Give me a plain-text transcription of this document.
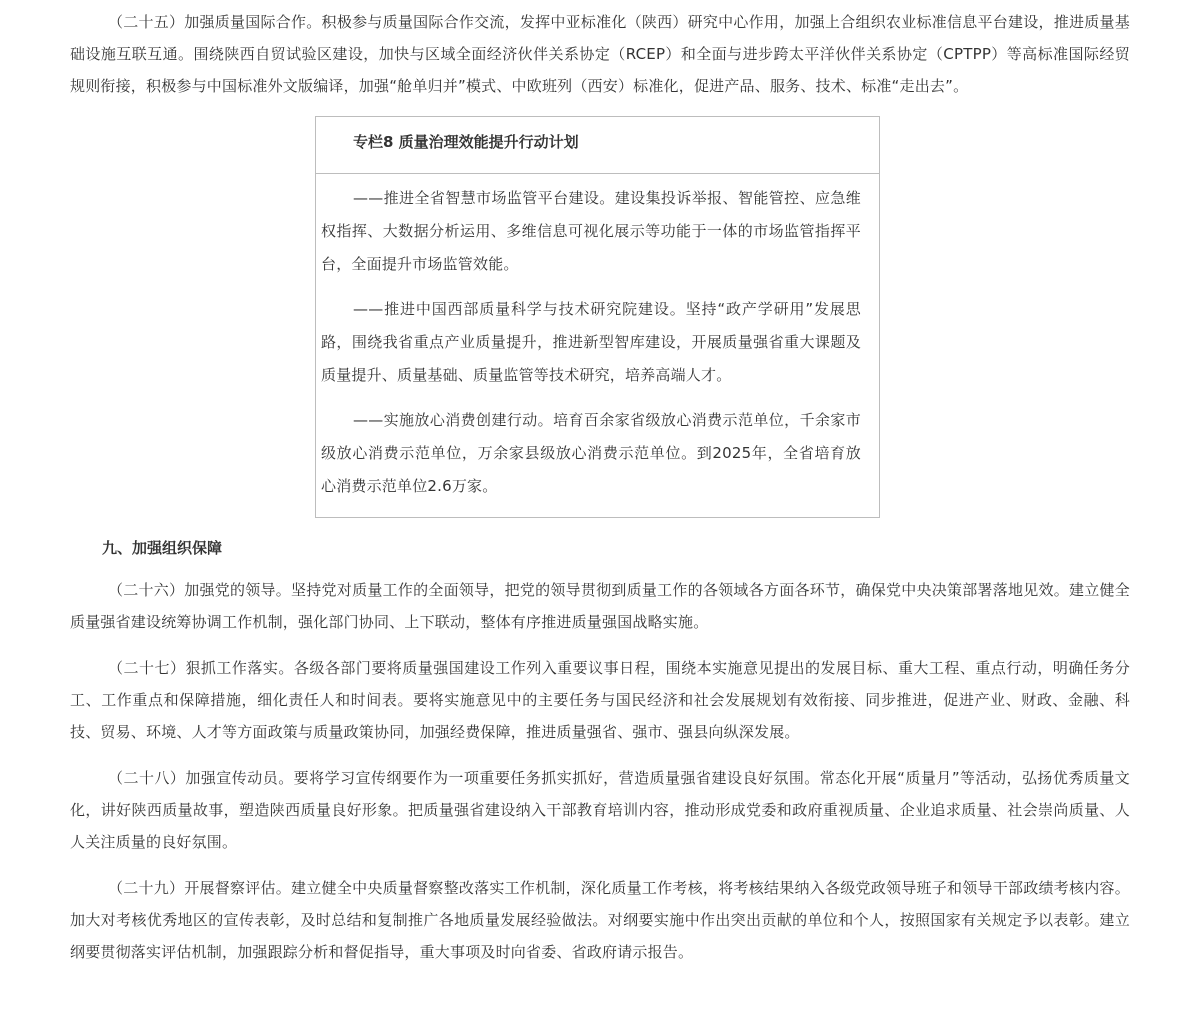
（二十五）加强质量国际合作。积极参与质量国际合作交流，发挥中亚标准化（陕西）研究中心作用，加强上合组织农业标准信息平台建设，推进质量基础设施互联互通。围绕陕西自贸试验区建设，加快与区域全面经济伙伴关系协定（RCEP）和全面与进步跨太平洋伙伴关系协定（CPTPP）等高标准国际经贸规则衔接，积极参与中国标准外文版编译，加强“舱单归并”模式、中欧班列（西安）标准化，促进产品、服务、技术、标准“走出去”。

专栏8 质量治理效能提升行动计划

——推进全省智慧市场监管平台建设。建设集投诉举报、智能管控、应急维权指挥、大数据分析运用、多维信息可视化展示等功能于一体的市场监管指挥平台，全面提升市场监管效能。

——推进中国西部质量科学与技术研究院建设。坚持“政产学研用”发展思路，围绕我省重点产业质量提升，推进新型智库建设，开展质量强省重大课题及质量提升、质量基础、质量监管等技术研究，培养高端人才。

——实施放心消费创建行动。培育百余家省级放心消费示范单位，千余家市级放心消费示范单位，万余家县级放心消费示范单位。到2025年，全省培育放心消费示范单位2.6万家。

九、加强组织保障

（二十六）加强党的领导。坚持党对质量工作的全面领导，把党的领导贯彻到质量工作的各领域各方面各环节，确保党中央决策部署落地见效。建立健全质量强省建设统筹协调工作机制，强化部门协同、上下联动，整体有序推进质量强国战略实施。

（二十七）狠抓工作落实。各级各部门要将质量强国建设工作列入重要议事日程，围绕本实施意见提出的发展目标、重大工程、重点行动，明确任务分工、工作重点和保障措施，细化责任人和时间表。要将实施意见中的主要任务与国民经济和社会发展规划有效衔接、同步推进，促进产业、财政、金融、科技、贸易、环境、人才等方面政策与质量政策协同，加强经费保障，推进质量强省、强市、强县向纵深发展。

（二十八）加强宣传动员。要将学习宣传纲要作为一项重要任务抓实抓好，营造质量强省建设良好氛围。常态化开展“质量月”等活动，弘扬优秀质量文化，讲好陕西质量故事，塑造陕西质量良好形象。把质量强省建设纳入干部教育培训内容，推动形成党委和政府重视质量、企业追求质量、社会崇尚质量、人人关注质量的良好氛围。

（二十九）开展督察评估。建立健全中央质量督察整改落实工作机制，深化质量工作考核，将考核结果纳入各级党政领导班子和领导干部政绩考核内容。加大对考核优秀地区的宣传表彰，及时总结和复制推广各地质量发展经验做法。对纲要实施中作出突出贡献的单位和个人，按照国家有关规定予以表彰。建立纲要贯彻落实评估机制，加强跟踪分析和督促指导，重大事项及时向省委、省政府请示报告。
